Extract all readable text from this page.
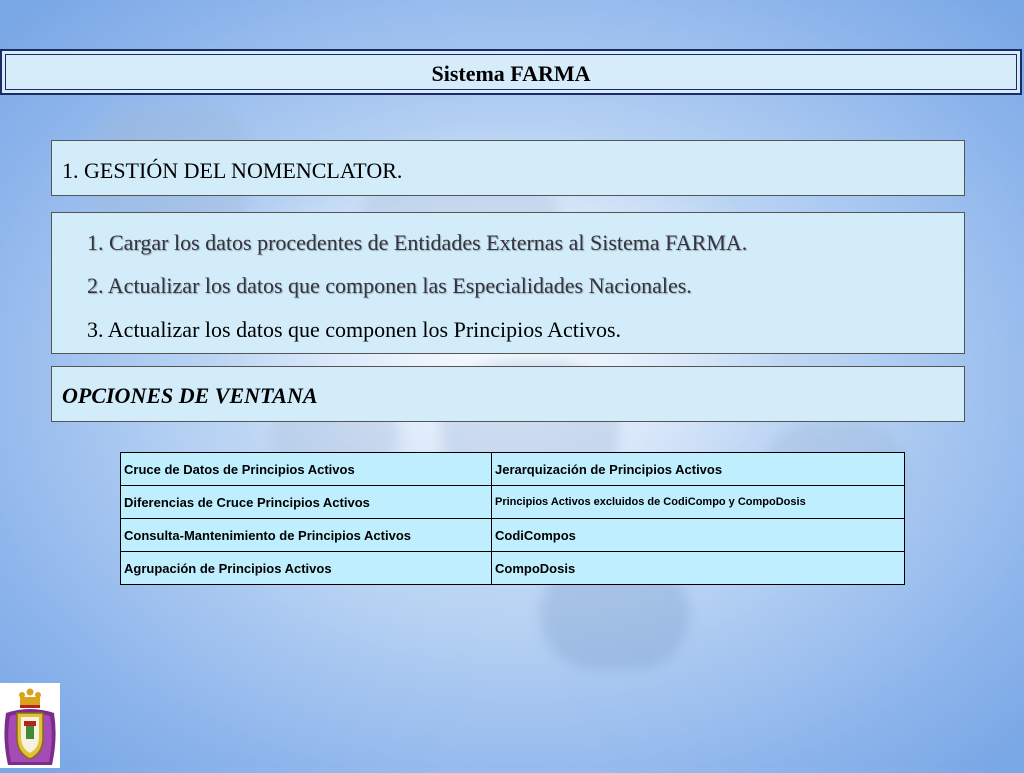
Sistema FARMA
1. GESTIÓN DEL NOMENCLATOR.
1. Cargar los datos procedentes de Entidades Externas al Sistema FARMA.
2. Actualizar los datos que componen las Especialidades Nacionales.
3. Actualizar los datos que componen los Principios Activos.
OPCIONES DE VENTANA
Cruce de Datos de Principios Activos	Jerarquización de Principios Activos
Diferencias de Cruce Principios Activos	Principios Activos excluidos de CodiCompo y CompoDosis
Consulta-Mantenimiento de Principios Activos	CodiCompos
Agrupación de Principios Activos	CompoDosis
